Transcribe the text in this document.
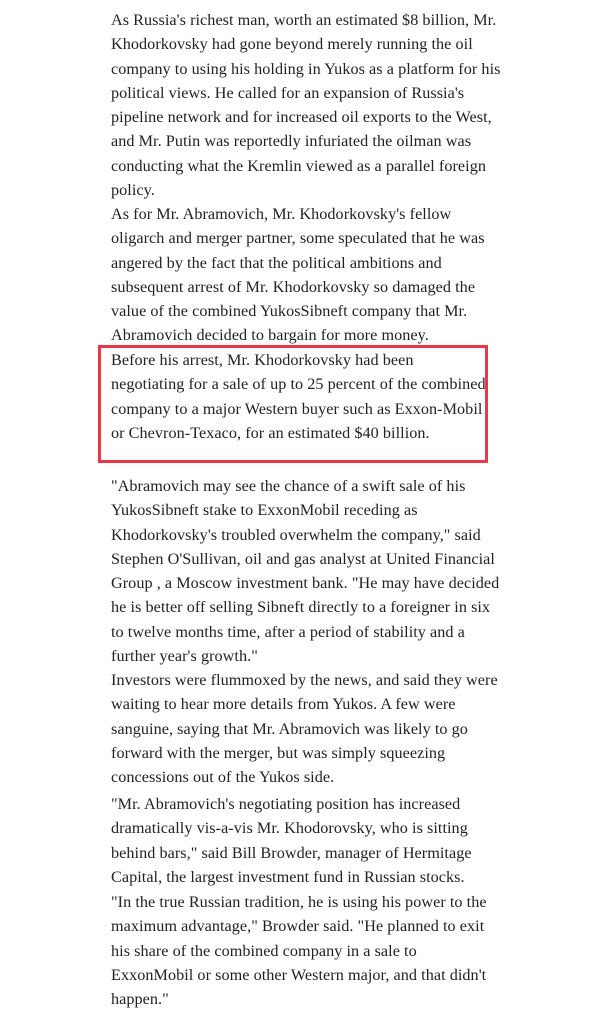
As Russia's richest man, worth an estimated $8 billion, Mr. Khodorkovsky had gone beyond merely running the oil company to using his holding in Yukos as a platform for his political views. He called for an expansion of Russia's pipeline network and for increased oil exports to the West, and Mr. Putin was reportedly infuriated the oilman was conducting what the Kremlin viewed as a parallel foreign policy.

As for Mr. Abramovich, Mr. Khodorkovsky's fellow oligarch and merger partner, some speculated that he was angered by the fact that the political ambitions and subsequent arrest of Mr. Khodorkovsky so damaged the value of the combined YukosSibneft company that Mr. Abramovich decided to bargain for more money.

Before his arrest, Mr. Khodorkovsky had been negotiating for a sale of up to 25 percent of the combined company to a major Western buyer such as Exxon-Mobil or Chevron-Texaco, for an estimated $40 billion.

"Abramovich may see the chance of a swift sale of his YukosSibneft stake to ExxonMobil receding as Khodorkovsky's troubled overwhelm the company," said Stephen O'Sullivan, oil and gas analyst at United Financial Group , a Moscow investment bank. "He may have decided he is better off selling Sibneft directly to a foreigner in six to twelve months time, after a period of stability and a further year's growth."

Investors were flummoxed by the news, and said they were waiting to hear more details from Yukos. A few were sanguine, saying that Mr. Abramovich was likely to go forward with the merger, but was simply squeezing concessions out of the Yukos side.

"Mr. Abramovich's negotiating position has increased dramatically vis-a-vis Mr. Khodorovsky, who is sitting behind bars," said Bill Browder, manager of Hermitage Capital, the largest investment fund in Russian stocks.

"In the true Russian tradition, he is using his power to the maximum advantage," Browder said. "He planned to exit his share of the combined company in a sale to ExxonMobil or some other Western major, and that didn't happen."
